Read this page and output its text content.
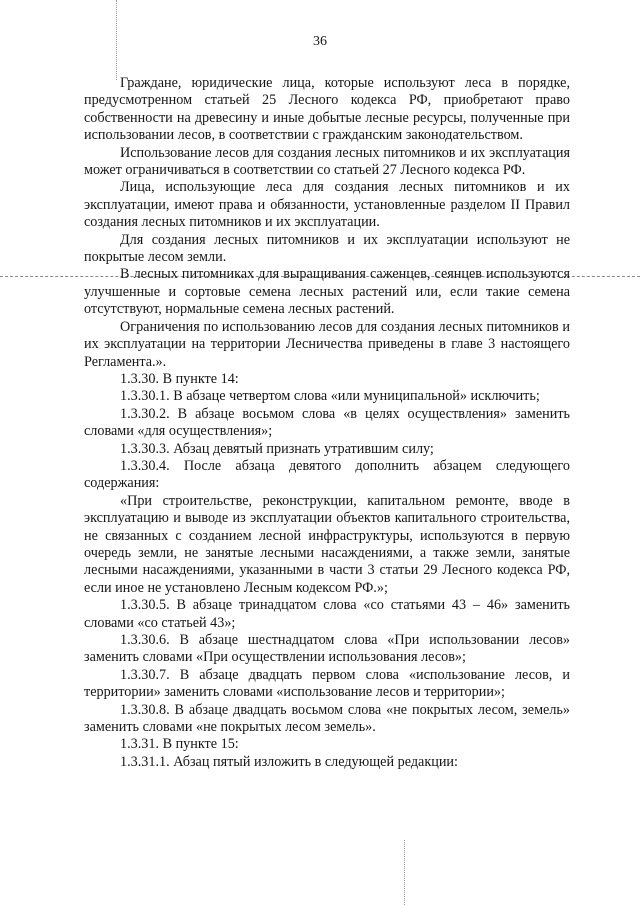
36

Граждане, юридические лица, которые используют леса в порядке, предусмотренном статьей 25 Лесного кодекса РФ, приобретают право собственности на древесину и иные добытые лесные ресурсы, полученные при использовании лесов, в соответствии с гражданским законодательством.

Использование лесов для создания лесных питомников и их эксплуатация может ограничиваться в соответствии со статьей 27 Лесного кодекса РФ.

Лица, использующие леса для создания лесных питомников и их эксплуатации, имеют права и обязанности, установленные разделом II Правил создания лесных питомников и их эксплуатации.

Для создания лесных питомников и их эксплуатации используют не покрытые лесом земли.

В лесных питомниках для выращивания саженцев, сеянцев используются улучшенные и сортовые семена лесных растений или, если такие семена отсутствуют, нормальные семена лесных растений.

Ограничения по использованию лесов для создания лесных питомников и их эксплуатации на территории Лесничества приведены в главе 3 настоящего Регламента.».

1.3.30. В пункте 14:

1.3.30.1. В абзаце четвертом слова «или муниципальной» исключить;

1.3.30.2. В абзаце восьмом слова «в целях осуществления» заменить словами «для осуществления»;

1.3.30.3. Абзац девятый признать утратившим силу;

1.3.30.4. После абзаца девятого дополнить абзацем следующего содержания:

«При строительстве, реконструкции, капитальном ремонте, вводе в эксплуатацию и выводе из эксплуатации объектов капитального строительства, не связанных с созданием лесной инфраструктуры, используются в первую очередь земли, не занятые лесными насаждениями, а также земли, занятые лесными насаждениями, указанными в части 3 статьи 29 Лесного кодекса РФ, если иное не установлено Лесным кодексом РФ.»;

1.3.30.5. В абзаце тринадцатом слова «со статьями 43 – 46» заменить словами «со статьей 43»;

1.3.30.6. В абзаце шестнадцатом слова «При использовании лесов» заменить словами «При осуществлении использования лесов»;

1.3.30.7. В абзаце двадцать первом слова «использование лесов, и территории» заменить словами «использование лесов и территории»;

1.3.30.8. В абзаце двадцать восьмом слова «не покрытых лесом, земель» заменить словами «не покрытых лесом земель».

1.3.31. В пункте 15:

1.3.31.1. Абзац пятый изложить в следующей редакции:
